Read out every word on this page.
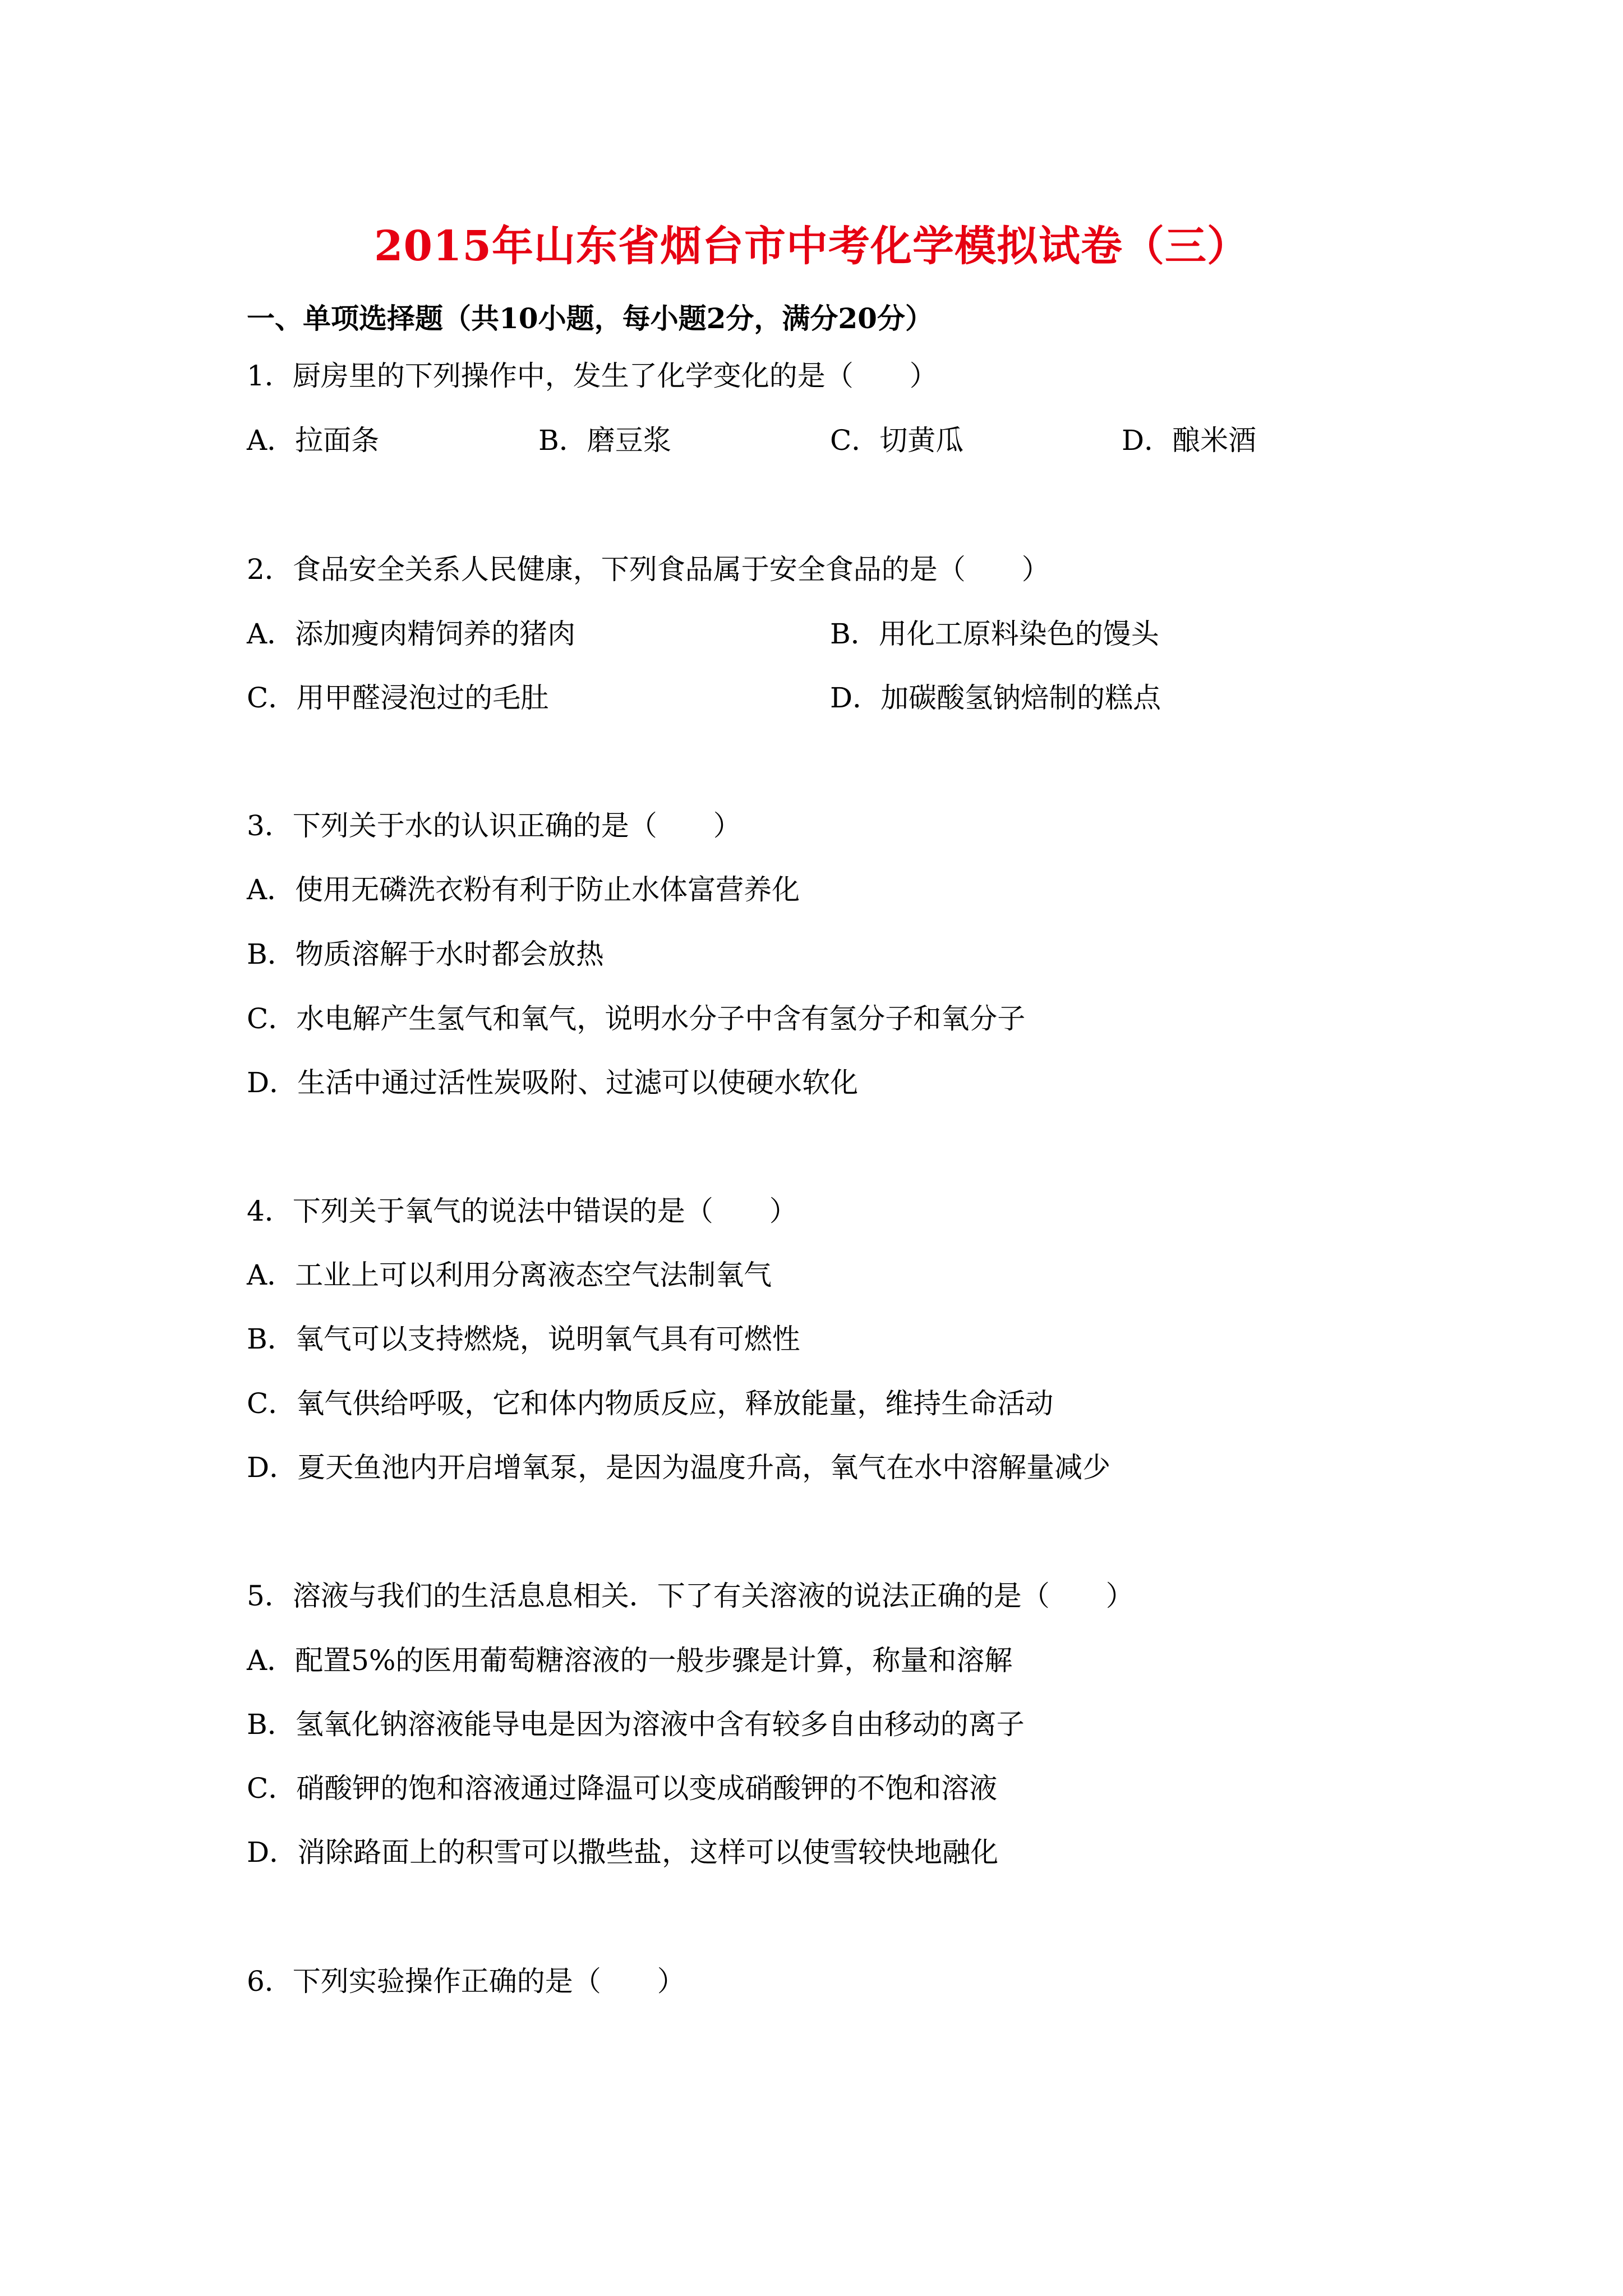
2015年山东省烟台市中考化学模拟试卷（三）
一、单项选择题（共10小题，每小题2分，满分20分）
1．厨房里的下列操作中，发生了化学变化的是（　　）
A．拉面条	B．磨豆浆	C．切黄瓜	D．酿米酒
2．食品安全关系人民健康，下列食品属于安全食品的是（　　）
A．添加瘦肉精饲养的猪肉	B．用化工原料染色的馒头
C．用甲醛浸泡过的毛肚	D．加碳酸氢钠焙制的糕点
3．下列关于水的认识正确的是（　　）
A．使用无磷洗衣粉有利于防止水体富营养化
B．物质溶解于水时都会放热
C．水电解产生氢气和氧气，说明水分子中含有氢分子和氧分子
D．生活中通过活性炭吸附、过滤可以使硬水软化
4．下列关于氧气的说法中错误的是（　　）
A．工业上可以利用分离液态空气法制氧气
B．氧气可以支持燃烧，说明氧气具有可燃性
C．氧气供给呼吸，它和体内物质反应，释放能量，维持生命活动
D．夏天鱼池内开启增氧泵，是因为温度升高，氧气在水中溶解量减少
5．溶液与我们的生活息息相关．下了有关溶液的说法正确的是（　　）
A．配置5%的医用葡萄糖溶液的一般步骤是计算，称量和溶解
B．氢氧化钠溶液能导电是因为溶液中含有较多自由移动的离子
C．硝酸钾的饱和溶液通过降温可以变成硝酸钾的不饱和溶液
D．消除路面上的积雪可以撒些盐，这样可以使雪较快地融化
6．下列实验操作正确的是（　　）
